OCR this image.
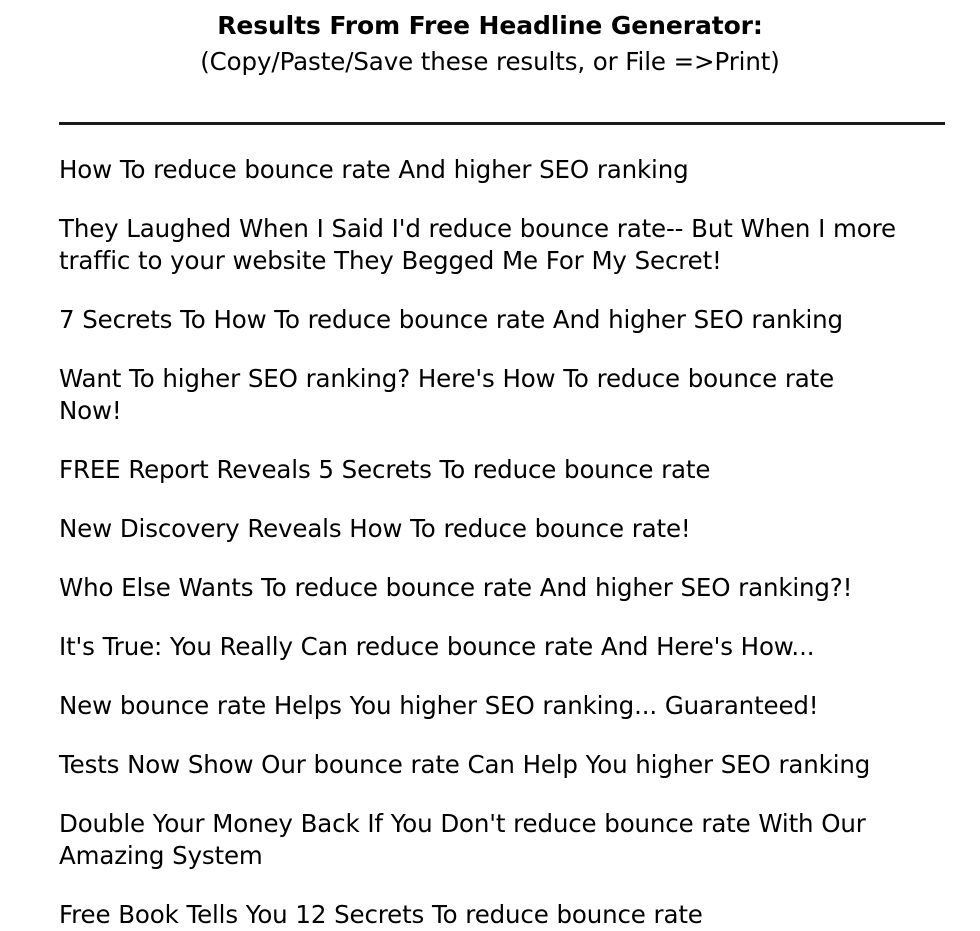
Results From Free Headline Generator:

(Copy/Paste/Save these results, or File =>Print)

How To reduce bounce rate And higher SEO ranking
They Laughed When I Said I'd reduce bounce rate-- But When I more traffic to your website They Begged Me For My Secret!
7 Secrets To How To reduce bounce rate And higher SEO ranking
Want To higher SEO ranking? Here's How To reduce bounce rate Now!
FREE Report Reveals 5 Secrets To reduce bounce rate
New Discovery Reveals How To reduce bounce rate!
Who Else Wants To reduce bounce rate And higher SEO ranking?!
It's True: You Really Can reduce bounce rate And Here's How...
New bounce rate Helps You higher SEO ranking... Guaranteed!
Tests Now Show Our bounce rate Can Help You higher SEO ranking
Double Your Money Back If You Don't reduce bounce rate With Our Amazing System
Free Book Tells You 12 Secrets To reduce bounce rate
